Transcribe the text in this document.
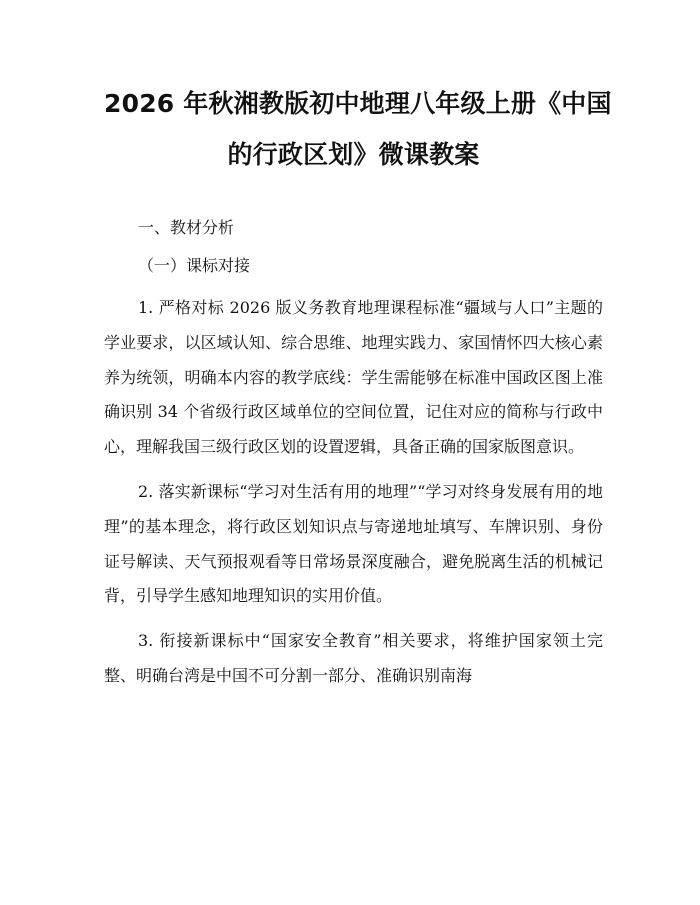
2026 年秋湘教版初中地理八年级上册《中国
的行政区划》微课教案

一、教材分析

（一）课标对接

1. 严格对标 2026 版义务教育地理课程标准“疆域与人口”主题的学业要求，以区域认知、综合思维、地理实践力、家国情怀四大核心素养为统领，明确本内容的教学底线：学生需能够在标准中国政区图上准确识别 34 个省级行政区域单位的空间位置，记住对应的简称与行政中心，理解我国三级行政区划的设置逻辑，具备正确的国家版图意识。

2. 落实新课标“学习对生活有用的地理”“学习对终身发展有用的地理”的基本理念，将行政区划知识点与寄递地址填写、车牌识别、身份证号解读、天气预报观看等日常场景深度融合，避免脱离生活的机械记背，引导学生感知地理知识的实用价值。

3. 衔接新课标中“国家安全教育”相关要求，将维护国家领土完整、明确台湾是中国不可分割一部分、准确识别南海
